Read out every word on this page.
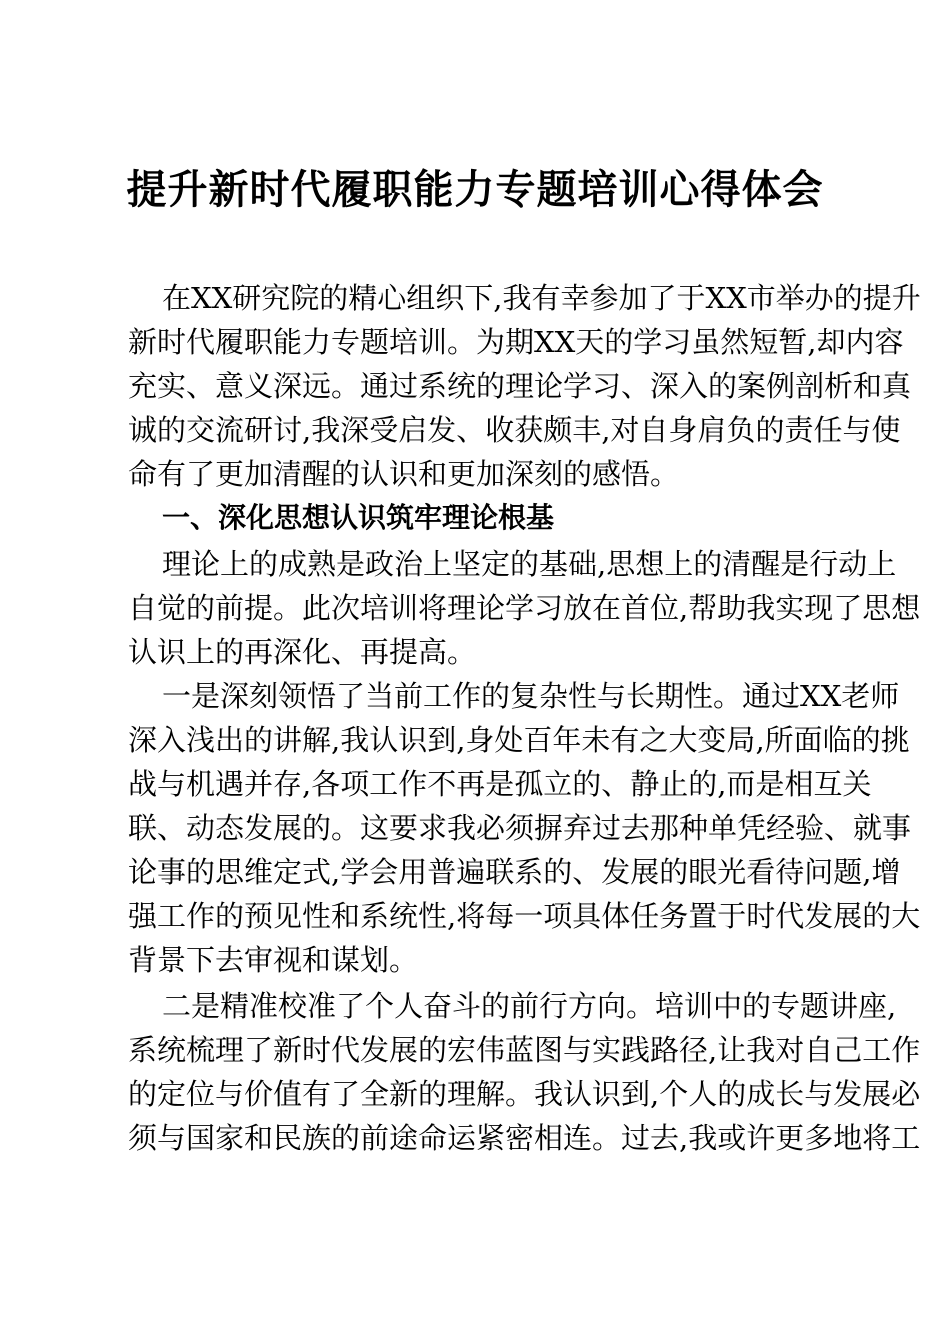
提升新时代履职能力专题培训心得体会
在XX研究院的精心组织下,我有幸参加了于XX市举办的提升
新时代履职能力专题培训。为期XX天的学习虽然短暂,却内容
充实、意义深远。通过系统的理论学习、深入的案例剖析和真
诚的交流研讨,我深受启发、收获颇丰,对自身肩负的责任与使
命有了更加清醒的认识和更加深刻的感悟。
一、深化思想认识筑牢理论根基
理论上的成熟是政治上坚定的基础,思想上的清醒是行动上
自觉的前提。此次培训将理论学习放在首位,帮助我实现了思想
认识上的再深化、再提高。
一是深刻领悟了当前工作的复杂性与长期性。通过XX老师
深入浅出的讲解,我认识到,身处百年未有之大变局,所面临的挑
战与机遇并存,各项工作不再是孤立的、静止的,而是相互关
联、动态发展的。这要求我必须摒弃过去那种单凭经验、就事
论事的思维定式,学会用普遍联系的、发展的眼光看待问题,增
强工作的预见性和系统性,将每一项具体任务置于时代发展的大
背景下去审视和谋划。
二是精准校准了个人奋斗的前行方向。培训中的专题讲座,
系统梳理了新时代发展的宏伟蓝图与实践路径,让我对自己工作
的定位与价值有了全新的理解。我认识到,个人的成长与发展必
须与国家和民族的前途命运紧密相连。过去,我或许更多地将工
